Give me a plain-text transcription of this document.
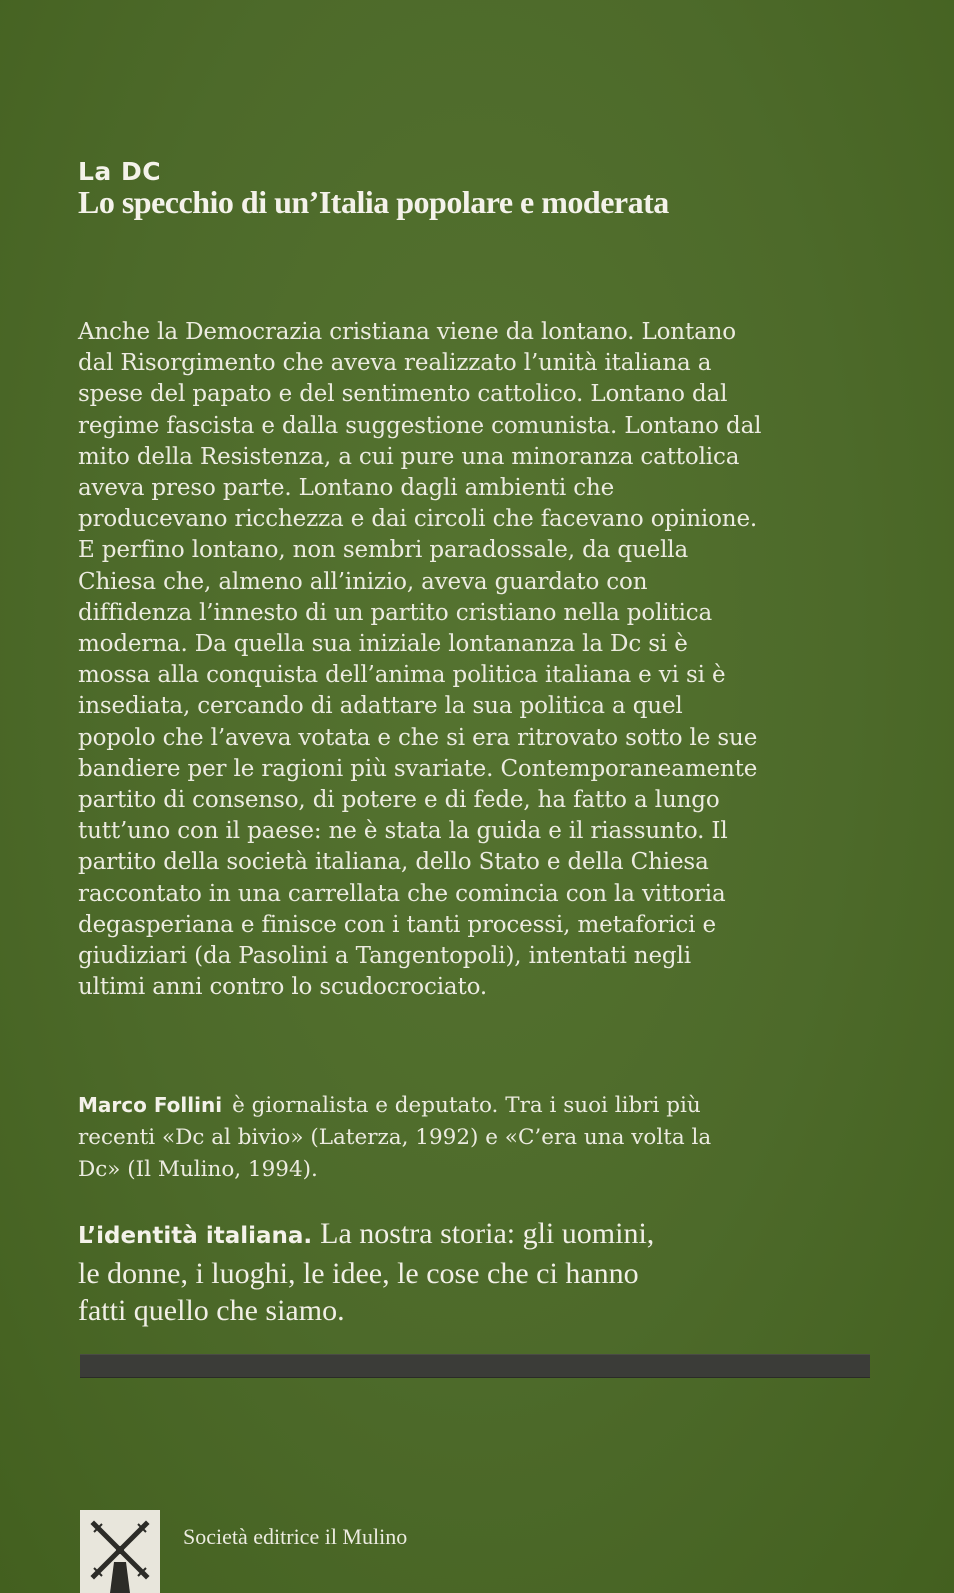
La DC
Lo specchio di un’Italia popolare e moderata

Anche la Democrazia cristiana viene da lontano. Lontano
dal Risorgimento che aveva realizzato l’unità italiana a
spese del papato e del sentimento cattolico. Lontano dal
regime fascista e dalla suggestione comunista. Lontano dal
mito della Resistenza, a cui pure una minoranza cattolica
aveva preso parte. Lontano dagli ambienti che
producevano ricchezza e dai circoli che facevano opinione.
E perfino lontano, non sembri paradossale, da quella
Chiesa che, almeno all’inizio, aveva guardato con
diffidenza l’innesto di un partito cristiano nella politica
moderna. Da quella sua iniziale lontananza la Dc si è
mossa alla conquista dell’anima politica italiana e vi si è
insediata, cercando di adattare la sua politica a quel
popolo che l’aveva votata e che si era ritrovato sotto le sue
bandiere per le ragioni più svariate. Contemporaneamente
partito di consenso, di potere e di fede, ha fatto a lungo
tutt’uno con il paese: ne è stata la guida e il riassunto. Il
partito della società italiana, dello Stato e della Chiesa
raccontato in una carrellata che comincia con la vittoria
degasperiana e finisce con i tanti processi, metaforici e
giudiziari (da Pasolini a Tangentopoli), intentati negli
ultimi anni contro lo scudocrociato.

Marco Follini è giornalista e deputato. Tra i suoi libri più
recenti «Dc al bivio» (Laterza, 1992) e «C’era una volta la
Dc» (Il Mulino, 1994).

L’identità italiana. La nostra storia: gli uomini,
le donne, i luoghi, le idee, le cose che ci hanno
fatti quello che siamo.

Società editrice il Mulino
